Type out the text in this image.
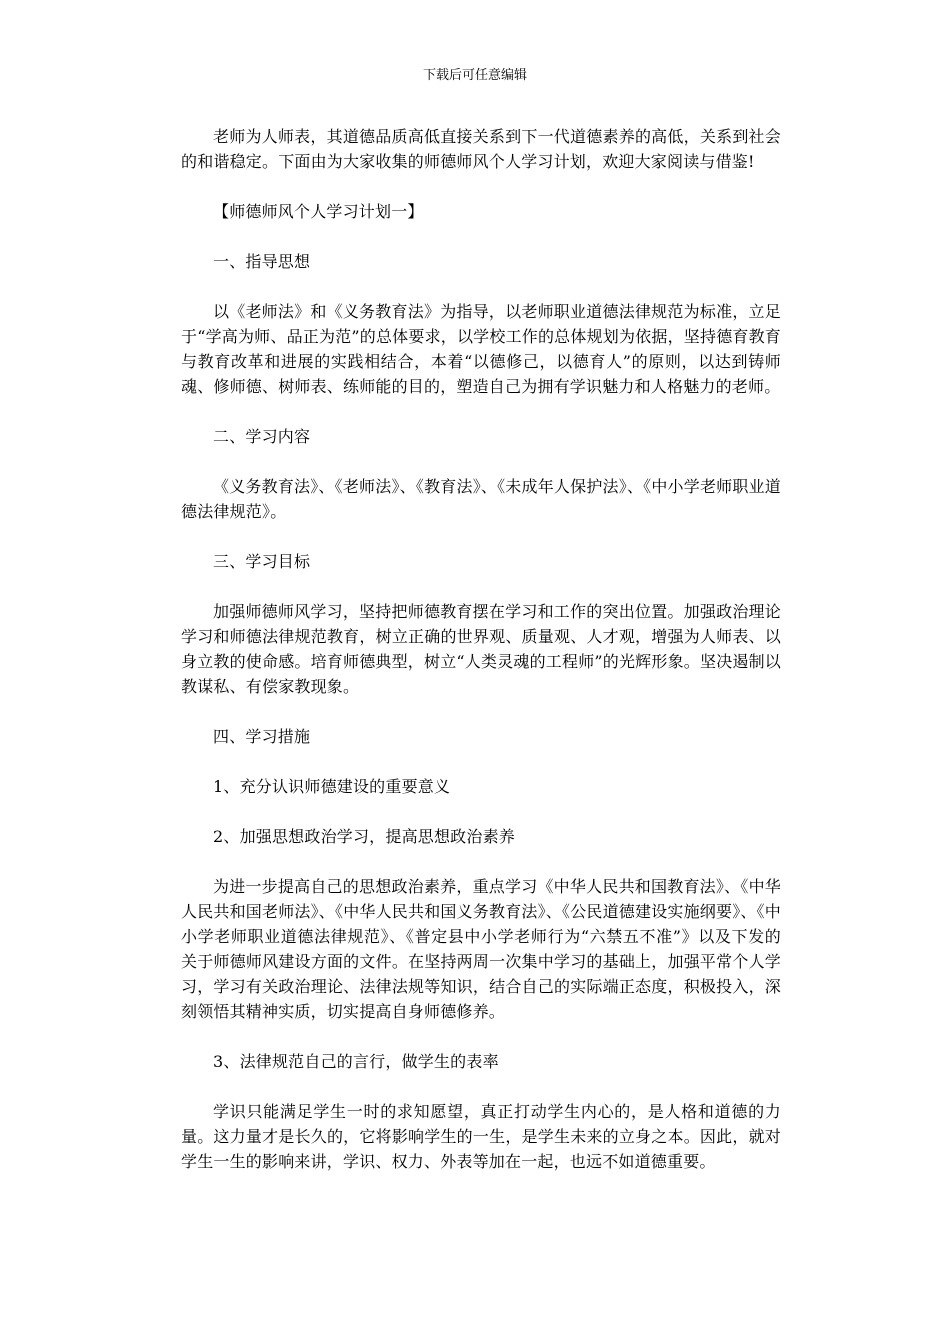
下载后可任意编辑

老师为人师表，其道德品质高低直接关系到下一代道德素养的高低，关系到社会的和谐稳定。下面由为大家收集的师德师风个人学习计划，欢迎大家阅读与借鉴!

【师德师风个人学习计划一】

一、指导思想

以《老师法》和《义务教育法》为指导，以老师职业道德法律规范为标准，立足于“学高为师、品正为范”的总体要求，以学校工作的总体规划为依据，坚持德育教育与教育改革和进展的实践相结合，本着“以德修己，以德育人”的原则，以达到铸师魂、修师德、树师表、练师能的目的，塑造自己为拥有学识魅力和人格魅力的老师。

二、学习内容

《义务教育法》、《老师法》、《教育法》、《未成年人保护法》、《中小学老师职业道德法律规范》。

三、学习目标

加强师德师风学习，坚持把师德教育摆在学习和工作的突出位置。加强政治理论学习和师德法律规范教育，树立正确的世界观、质量观、人才观，增强为人师表、以身立教的使命感。培育师德典型，树立“人类灵魂的工程师”的光辉形象。坚决遏制以教谋私、有偿家教现象。

四、学习措施

1、充分认识师德建设的重要意义

2、加强思想政治学习，提高思想政治素养

为进一步提高自己的思想政治素养，重点学习《中华人民共和国教育法》、《中华人民共和国老师法》、《中华人民共和国义务教育法》、《公民道德建设实施纲要》、《中小学老师职业道德法律规范》、《普定县中小学老师行为“六禁五不准”》以及下发的关于师德师风建设方面的文件。在坚持两周一次集中学习的基础上，加强平常个人学习，学习有关政治理论、法律法规等知识，结合自己的实际端正态度，积极投入，深刻领悟其精神实质，切实提高自身师德修养。

3、法律规范自己的言行，做学生的表率

学识只能满足学生一时的求知愿望，真正打动学生内心的，是人格和道德的力量。这力量才是长久的，它将影响学生的一生，是学生未来的立身之本。因此，就对学生一生的影响来讲，学识、权力、外表等加在一起，也远不如道德重要。
